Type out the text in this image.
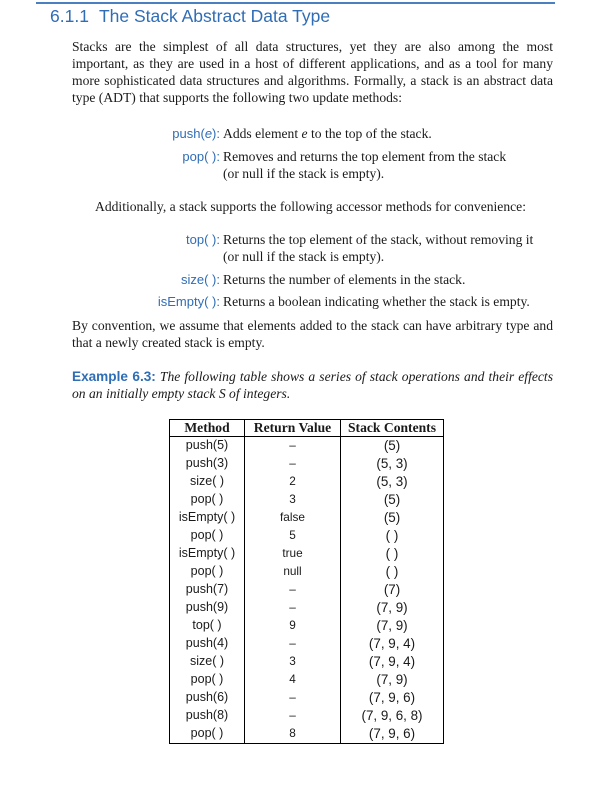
6.1.1 The Stack Abstract Data Type

Stacks are the simplest of all data structures, yet they are also among the most important, as they are used in a host of different applications, and as a tool for many more sophisticated data structures and algorithms. Formally, a stack is an abstract data type (ADT) that supports the following two update methods:

push(e): Adds element e to the top of the stack.
pop( ): Removes and returns the top element from the stack
(or null if the stack is empty).

Additionally, a stack supports the following accessor methods for convenience:

top( ): Returns the top element of the stack, without removing it
(or null if the stack is empty).
size( ): Returns the number of elements in the stack.
isEmpty( ): Returns a boolean indicating whether the stack is empty.

By convention, we assume that elements added to the stack can have arbitrary type and that a newly created stack is empty.

Example 6.3: The following table shows a series of stack operations and their effects on an initially empty stack S of integers.

Method	Return Value	Stack Contents
push(5)	–	(5)
push(3)	–	(5, 3)
size( )	2	(5, 3)
pop( )	3	(5)
isEmpty( )	false	(5)
pop( )	5	( )
isEmpty( )	true	( )
pop( )	null	( )
push(7)	–	(7)
push(9)	–	(7, 9)
top( )	9	(7, 9)
push(4)	–	(7, 9, 4)
size( )	3	(7, 9, 4)
pop( )	4	(7, 9)
push(6)	–	(7, 9, 6)
push(8)	–	(7, 9, 6, 8)
pop( )	8	(7, 9, 6)
